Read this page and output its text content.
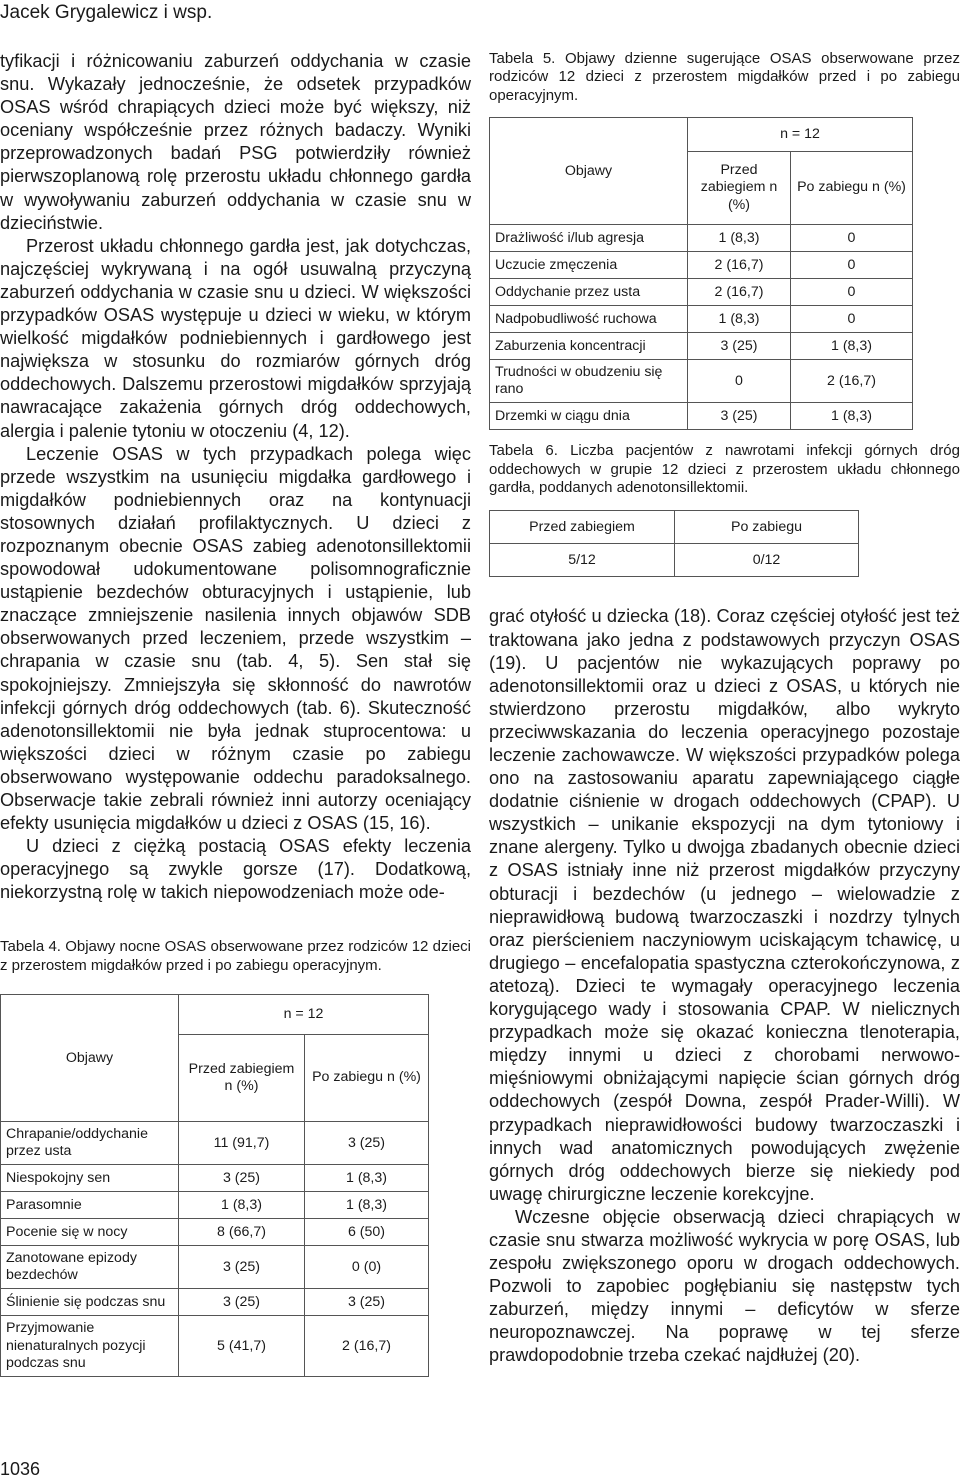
Jacek Grygalewicz i wsp.

tyfikacji i różnicowaniu zaburzeń oddychania w czasie snu. Wykazały jednocześnie, że odsetek przypadków OSAS wśród chrapiących dzieci może być większy, niż oceniany współcześnie przez różnych badaczy. Wyniki przeprowadzonych badań PSG potwierdziły również pierwszoplanową rolę przerostu układu chłonnego gardła w wywoływaniu zaburzeń oddychania w czasie snu w dzieciństwie.

Przerost układu chłonnego gardła jest, jak dotychczas, najczęściej wykrywaną i na ogół usuwalną przyczyną zaburzeń oddychania w czasie snu u dzieci. W większości przypadków OSAS występuje u dzieci w wieku, w którym wielkość migdałków podniebiennych i gardłowego jest największa w stosunku do rozmiarów górnych dróg oddechowych. Dalszemu przerostowi migdałków sprzyjają nawracające zakażenia górnych dróg oddechowych, alergia i palenie tytoniu w otoczeniu (4, 12).

Leczenie OSAS w tych przypadkach polega więc przede wszystkim na usunięciu migdałka gardłowego i migdałków podniebiennych oraz na kontynuacji stosownych działań profilaktycznych. U dzieci z rozpoznanym obecnie OSAS zabieg adenotonsillektomii spowodował udokumentowane polisomnograficznie ustąpienie bezdechów obturacyjnych i ustąpienie, lub znaczące zmniejszenie nasilenia innych objawów SDB obserwowanych przed leczeniem, przede wszystkim – chrapania w czasie snu (tab. 4, 5). Sen stał się spokojniejszy. Zmniejszyła się skłonność do nawrotów infekcji górnych dróg oddechowych (tab. 6). Skuteczność adenotonsillektomii nie była jednak stuprocentowa: u większości dzieci w różnym czasie po zabiegu obserwowano występowanie oddechu paradoksalnego. Obserwacje takie zebrali również inni autorzy oceniający efekty usunięcia migdałków u dzieci z OSAS (15, 16).

U dzieci z ciężką postacią OSAS efekty leczenia operacyjnego są zwykle gorsze (17). Dodatkową, niekorzystną rolę w takich niepowodzeniach może ode-

Tabela 4. Objawy nocne OSAS obserwowane przez rodziców 12 dzieci z przerostem migdałków przed i po zabiegu operacyjnym.

Objawy	n = 12	
	Przed zabiegiem n (%)	Po zabiegu n (%)
Chrapanie/oddychanie przez usta	11 (91,7)	3 (25)
Niespokojny sen	3 (25)	1 (8,3)
Parasomnie	1 (8,3)	1 (8,3)
Pocenie się w nocy	8 (66,7)	6 (50)
Zanotowane epizody bezdechów	3 (25)	0 (0)
Ślinienie się podczas snu	3 (25)	3 (25)
Przyjmowanie nienaturalnych pozycji podczas snu	5 (41,7)	2 (16,7)

Tabela 5. Objawy dzienne sugerujące OSAS obserwowane przez rodziców 12 dzieci z przerostem migdałków przed i po zabiegu operacyjnym.

Objawy	n = 12	
	Przed zabiegiem n (%)	Po zabiegu n (%)
Drażliwość i/lub agresja	1 (8,3)	0
Uczucie zmęczenia	2 (16,7)	0
Oddychanie przez usta	2 (16,7)	0
Nadpobudliwość ruchowa	1 (8,3)	0
Zaburzenia koncentracji	3 (25)	1 (8,3)
Trudności w obudzeniu się rano	0	2 (16,7)
Drzemki w ciągu dnia	3 (25)	1 (8,3)

Tabela 6. Liczba pacjentów z nawrotami infekcji górnych dróg oddechowych w grupie 12 dzieci z przerostem układu chłonnego gardła, poddanych adenotonsillektomii.

Przed zabiegiem	Po zabiegu
5/12	0/12

grać otyłość u dziecka (18). Coraz częściej otyłość jest też traktowana jako jedna z podstawowych przyczyn OSAS (19). U pacjentów nie wykazujących poprawy po adenotonsillektomii oraz u dzieci z OSAS, u których nie stwierdzono przerostu migdałków, albo wykryto przeciwwskazania do leczenia operacyjnego pozostaje leczenie zachowawcze. W większości przypadków polega ono na zastosowaniu aparatu zapewniającego ciągłe dodatnie ciśnienie w drogach oddechowych (CPAP). U wszystkich – unikanie ekspozycji na dym tytoniowy i znane alergeny. Tylko u dwojga zbadanych obecnie dzieci z OSAS istniały inne niż przerost migdałków przyczyny obturacji i bezdechów (u jednego – wielowadzie z nieprawidłową budową twarzoczaszki i nozdrzy tylnych oraz pierścieniem naczyniowym uciskającym tchawicę, u drugiego – encefalopatia spastyczna czterokończynowa, z atetozą). Dzieci te wymagały operacyjnego leczenia korygującego wady i stosowania CPAP. W nielicznych przypadkach może się okazać konieczna tlenoterapia, między innymi u dzieci z chorobami nerwowo-mięśniowymi obniżającymi napięcie ścian górnych dróg oddechowych (zespół Downa, zespół Prader-Willi). W przypadkach nieprawidłowości budowy twarzoczaszki i innych wad anatomicznych powodujących zwężenie górnych dróg oddechowych bierze się niekiedy pod uwagę chirurgiczne leczenie korekcyjne.

Wczesne objęcie obserwacją dzieci chrapiących w czasie snu stwarza możliwość wykrycia w porę OSAS, lub zespołu zwiększonego oporu w drogach oddechowych. Pozwoli to zapobiec pogłębianiu się następstw tych zaburzeń, między innymi – deficytów w sferze neuropoznawczej. Na poprawę w tej sferze prawdopodobnie trzeba czekać najdłużej (20).

1036
